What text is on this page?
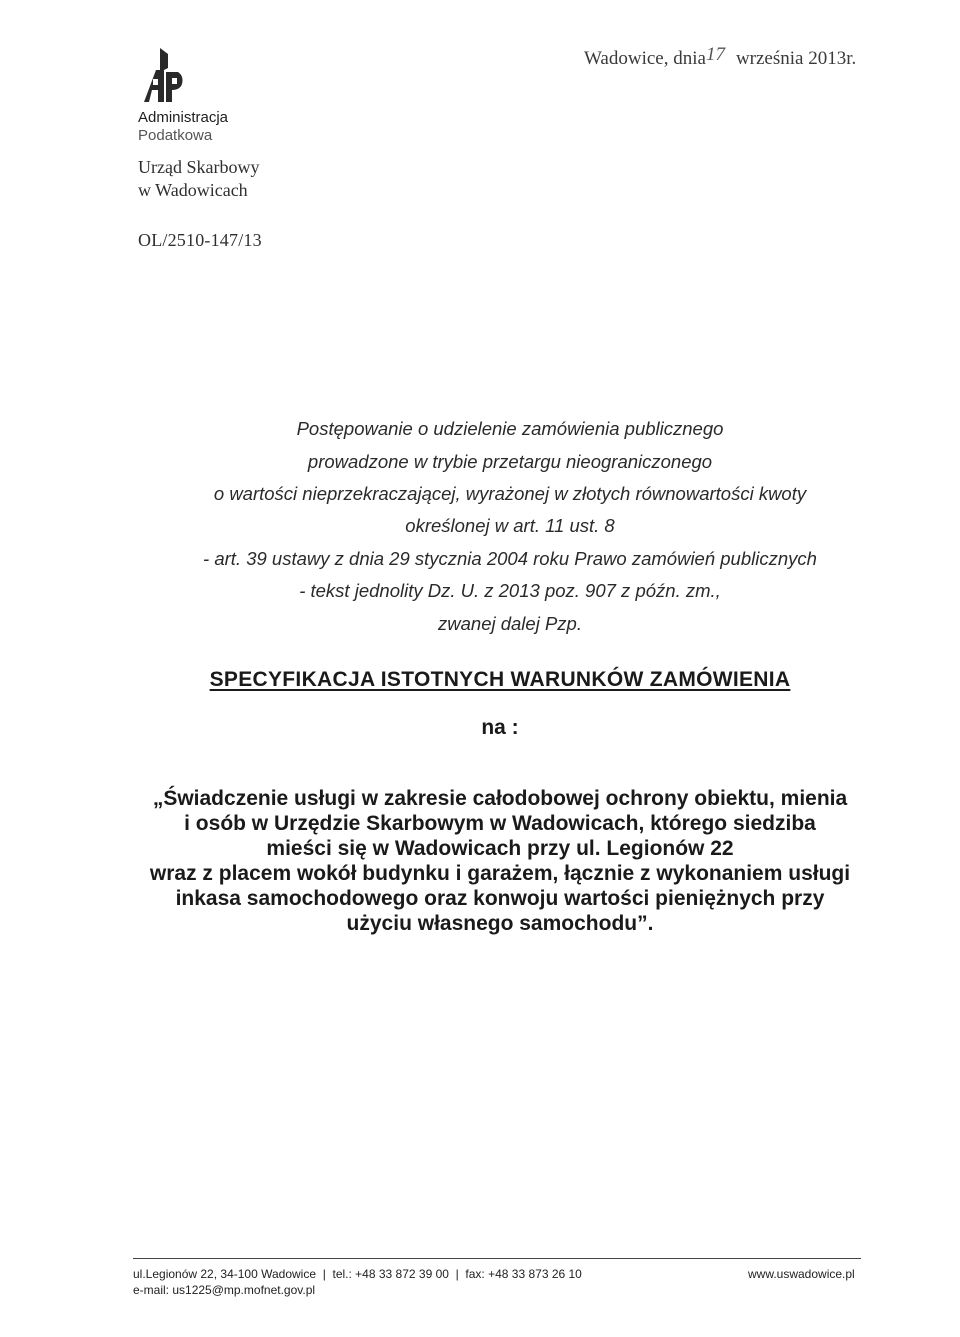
Administracja
Podatkowa
Urząd Skarbowy
w Wadowicach
OL/2510-147/13
Wadowice, dnia17 września 2013r.
Postępowanie o udzielenie zamówienia publicznego
prowadzone w trybie przetargu nieograniczonego
o wartości nieprzekraczającej, wyrażonej w złotych równowartości kwoty
określonej w art. 11 ust. 8
- art. 39 ustawy z dnia 29 stycznia 2004 roku Prawo zamówień publicznych
- tekst jednolity Dz. U. z 2013 poz. 907 z późn. zm.,
zwanej dalej Pzp.
SPECYFIKACJA ISTOTNYCH WARUNKÓW ZAMÓWIENIA
na :
„Świadczenie usługi w zakresie całodobowej ochrony obiektu, mienia
i osób w Urzędzie Skarbowym w Wadowicach, którego siedziba
mieści się w Wadowicach przy ul. Legionów 22
wraz z placem wokół budynku i garażem, łącznie z wykonaniem usługi
inkasa samochodowego oraz konwoju wartości pieniężnych przy
użyciu własnego samochodu”.
ul.Legionów 22, 34-100 Wadowice  |  tel.: +48 33 872 39 00  |  fax: +48 33 873 26 10
e-mail: us1225@mp.mofnet.gov.pl
www.uswadowice.pl
